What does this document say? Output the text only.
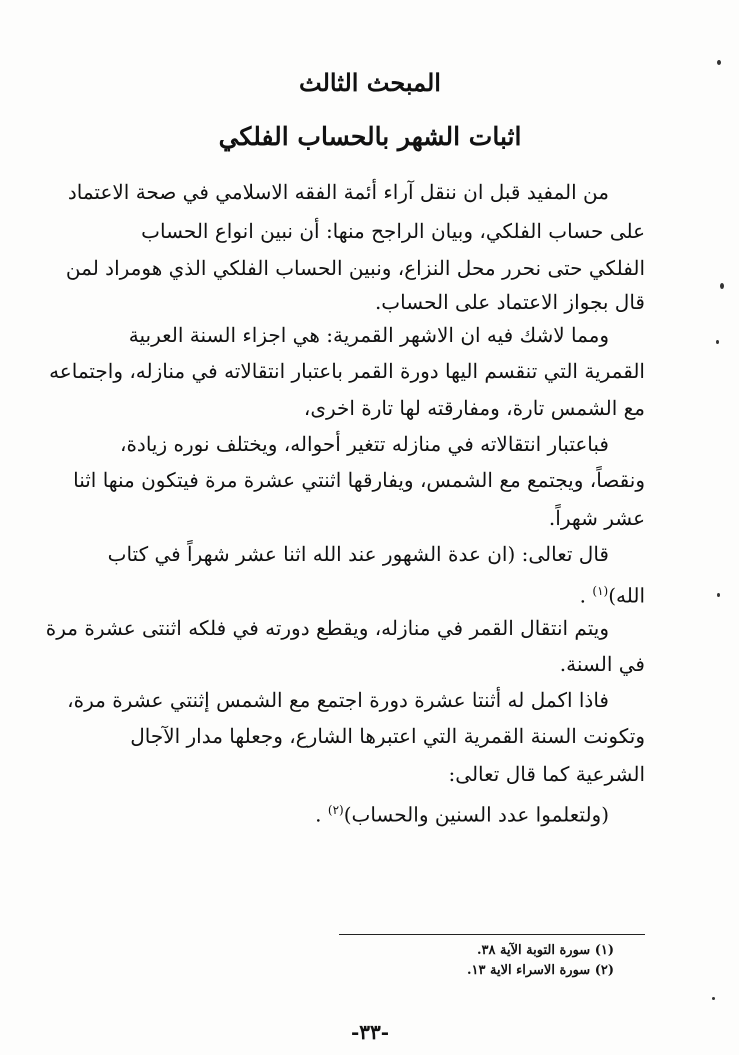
المبحث الثالث
اثبات الشهر بالحساب الفلكي
من المفيد قبل ان ننقل آراء أئمة الفقه الاسلامي في صحة الاعتماد
على حساب الفلكي، وبيان الراجح منها: أن نبين انواع الحساب
الفلكي حتى نحرر محل النزاع، ونبين الحساب الفلكي الذي هومراد لمن
قال بجواز الاعتماد على الحساب.
ومما لاشك فيه ان الاشهر القمرية: هي اجزاء السنة العربية
القمرية التي تنقسم اليها دورة القمر باعتبار انتقالاته في منازله، واجتماعه
مع الشمس تارة، ومفارقته لها تارة اخرى،
فباعتبار انتقالاته في منازله تتغير أحواله، ويختلف نوره زيادة،
ونقصاً، ويجتمع مع الشمس، ويفارقها اثنتي عشرة مرة فيتكون منها اثنا
عشر شهراً.
قال تعالى: (ان عدة الشهور عند الله اثنا عشر شهراً في كتاب
الله)$^{(١)}$ .
ويتم انتقال القمر في منازله، ويقطع دورته في فلكه اثنتى عشرة مرة
في السنة.
فاذا اكمل له أثنتا عشرة دورة اجتمع مع الشمس إثنتي عشرة مرة،
وتكونت السنة القمرية التي اعتبرها الشارع، وجعلها مدار الآجال
الشرعية كما قال تعالى:
(ولتعلموا عدد السنين والحساب)$^{(٢)}$ .
(١) سورة التوبة الآية ٣٨.
(٢) سورة الاسراء الاية ١٣.
-٣٣-
